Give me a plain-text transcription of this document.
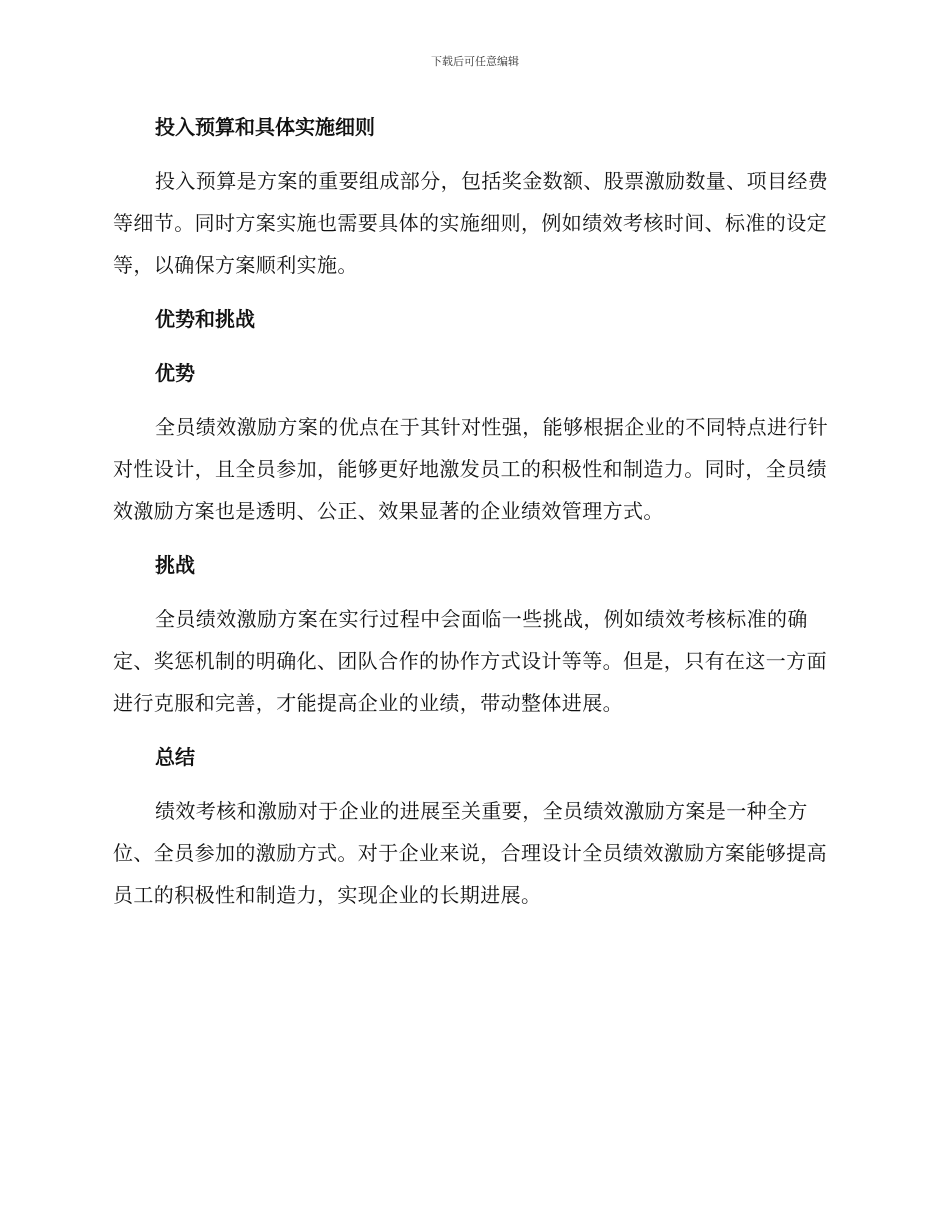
下载后可任意编辑
投入预算和具体实施细则

投入预算是方案的重要组成部分，包括奖金数额、股票激励数量、项目经费等细节。同时方案实施也需要具体的实施细则，例如绩效考核时间、标准的设定等，以确保方案顺利实施。

优势和挑战
优势

全员绩效激励方案的优点在于其针对性强，能够根据企业的不同特点进行针对性设计，且全员参加，能够更好地激发员工的积极性和制造力。同时，全员绩效激励方案也是透明、公正、效果显著的企业绩效管理方式。

挑战

全员绩效激励方案在实行过程中会面临一些挑战，例如绩效考核标准的确定、奖惩机制的明确化、团队合作的协作方式设计等等。但是，只有在这一方面进行克服和完善，才能提高企业的业绩，带动整体进展。

总结

绩效考核和激励对于企业的进展至关重要，全员绩效激励方案是一种全方位、全员参加的激励方式。对于企业来说，合理设计全员绩效激励方案能够提高员工的积极性和制造力，实现企业的长期进展。
